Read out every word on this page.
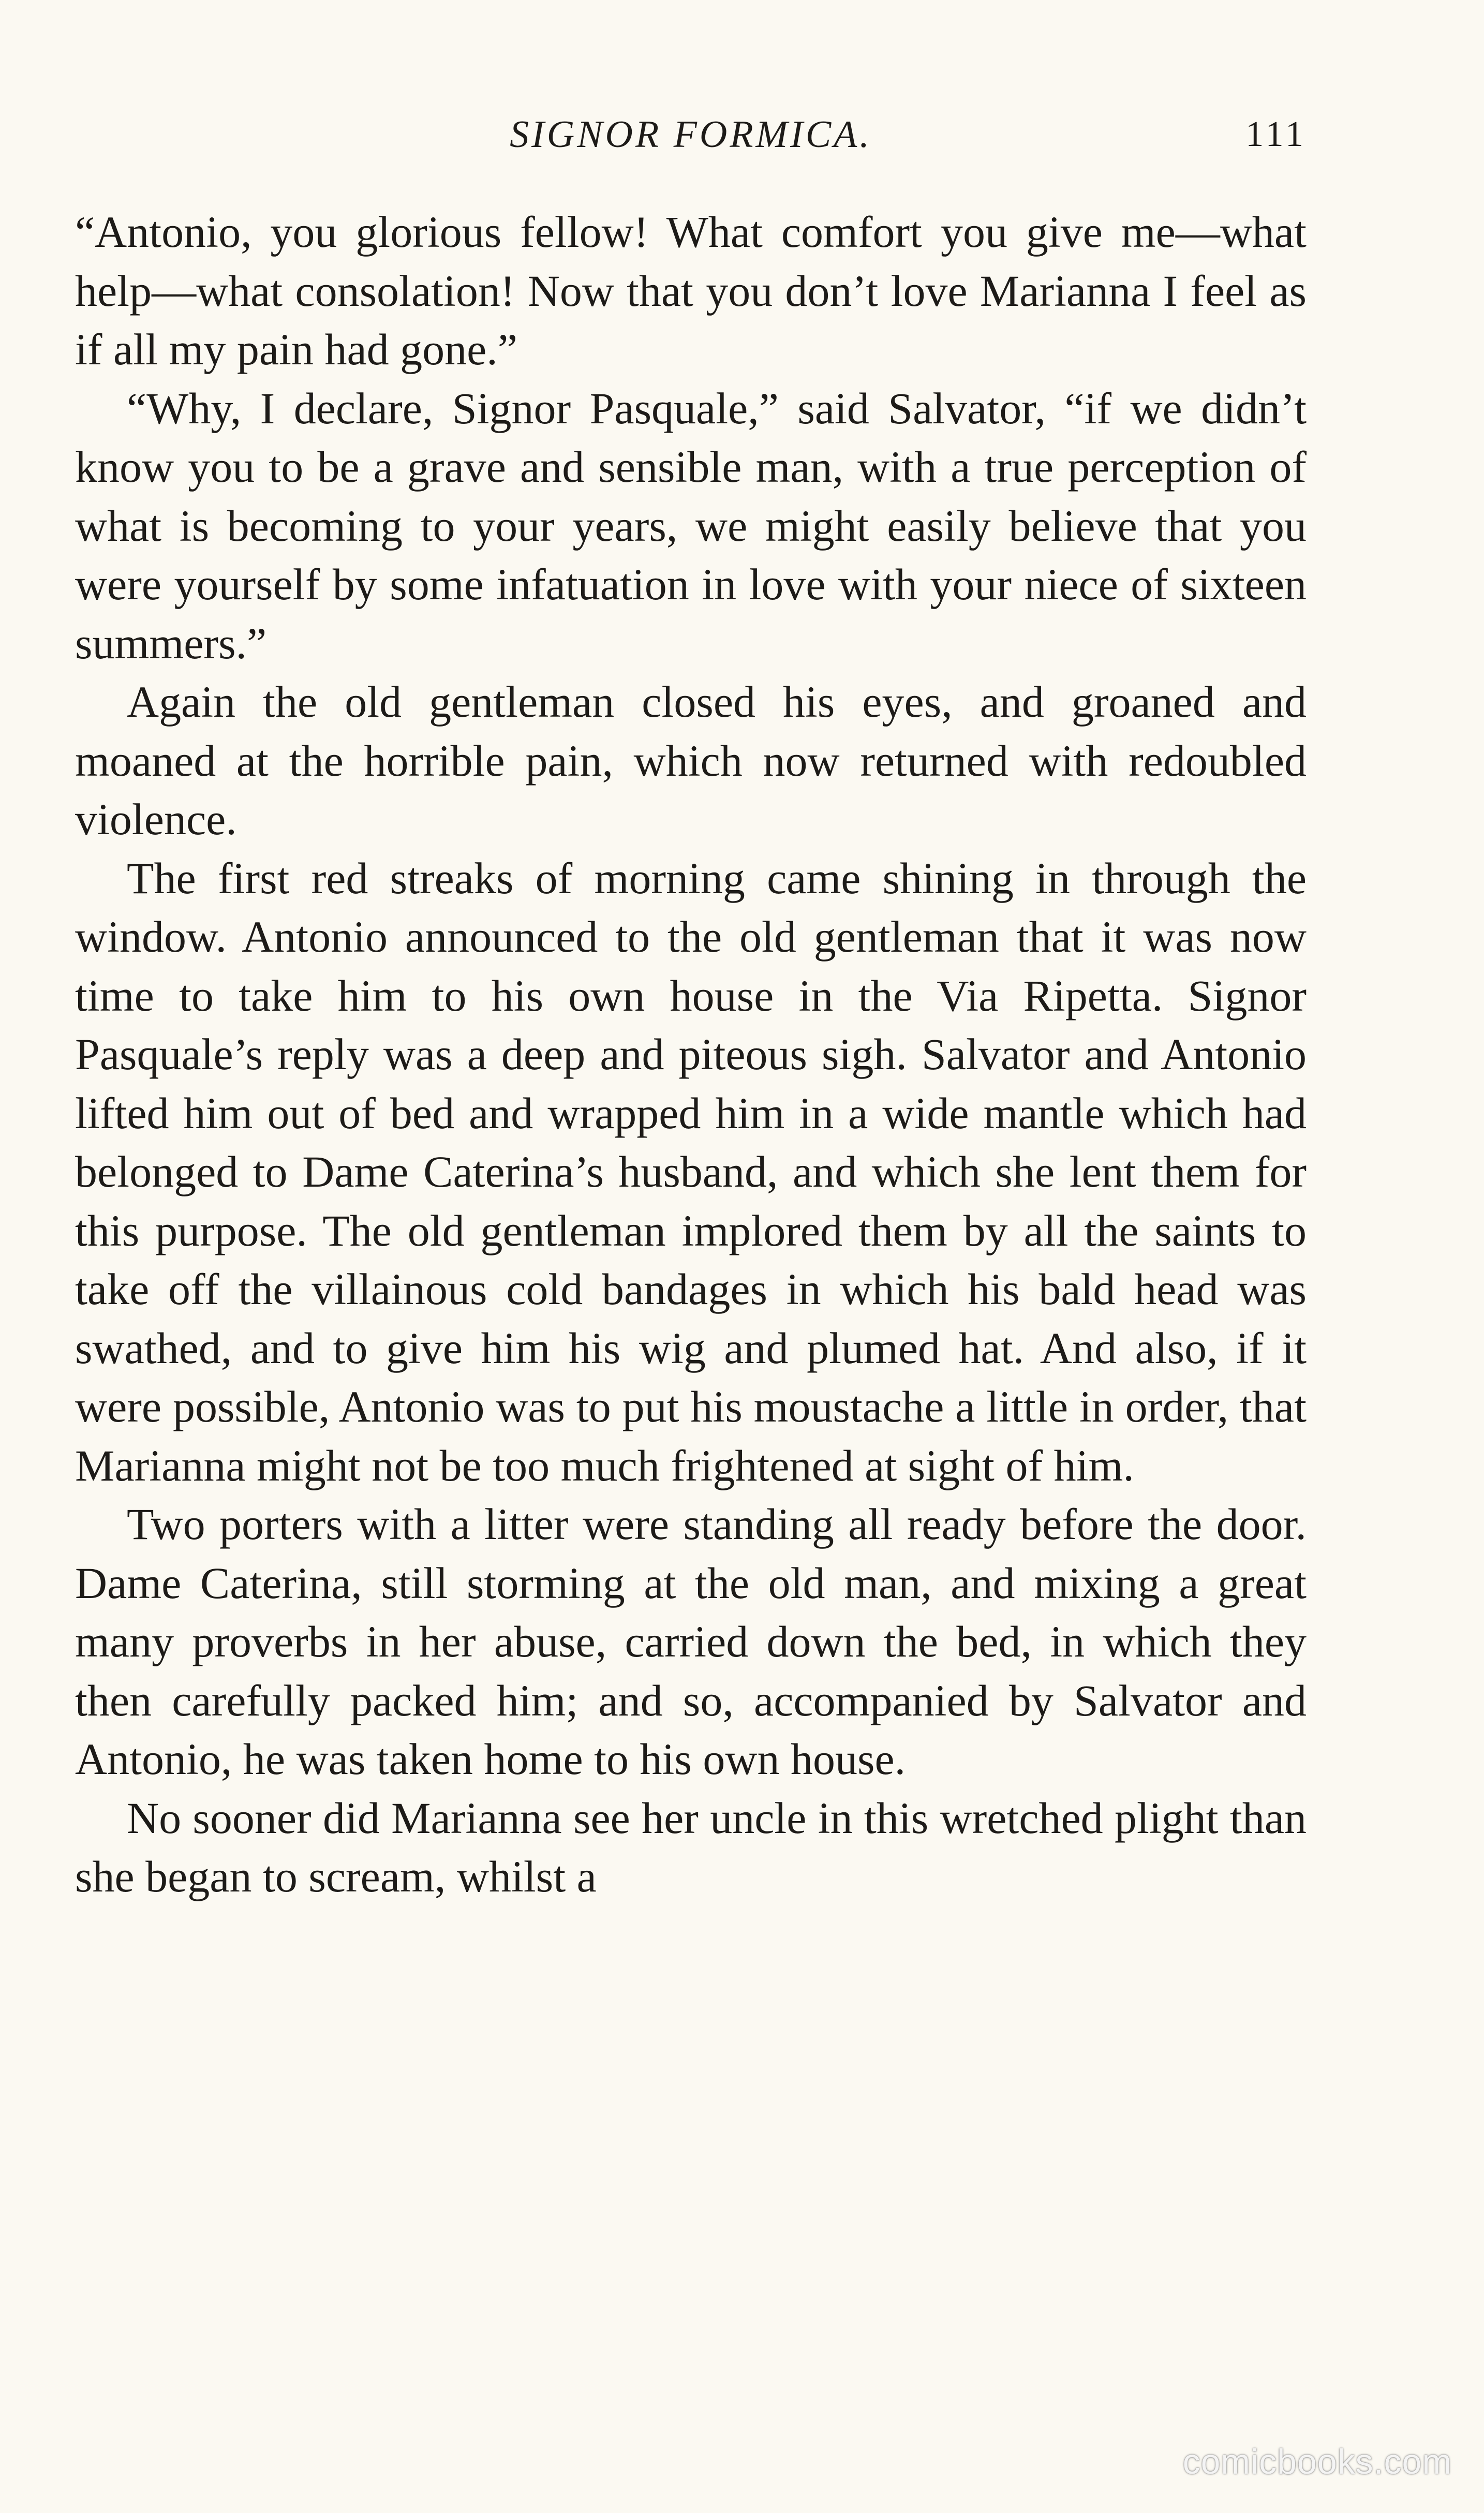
SIGNOR FORMICA.	111

“Antonio, you glorious fellow! What comfort you give me—what help—what consolation! Now that you don’t love Marianna I feel as if all my pain had gone.”

“Why, I declare, Signor Pasquale,” said Salvator, “if we didn’t know you to be a grave and sensible man, with a true perception of what is becoming to your years, we might easily believe that you were yourself by some infatuation in love with your niece of sixteen summers.”

Again the old gentleman closed his eyes, and groaned and moaned at the horrible pain, which now returned with redoubled violence.

The first red streaks of morning came shining in through the window. Antonio announced to the old gentleman that it was now time to take him to his own house in the Via Ripetta. Signor Pasquale’s reply was a deep and piteous sigh. Salvator and Antonio lifted him out of bed and wrapped him in a wide mantle which had belonged to Dame Caterina’s husband, and which she lent them for this purpose. The old gentleman implored them by all the saints to take off the villainous cold bandages in which his bald head was swathed, and to give him his wig and plumed hat. And also, if it were possible, Antonio was to put his moustache a little in order, that Marianna might not be too much frightened at sight of him.

Two porters with a litter were standing all ready before the door. Dame Caterina, still storming at the old man, and mixing a great many proverbs in her abuse, carried down the bed, in which they then carefully packed him; and so, accompanied by Salvator and Antonio, he was taken home to his own house.

No sooner did Marianna see her uncle in this wretched plight than she began to scream, whilst a

comicbooks.com
